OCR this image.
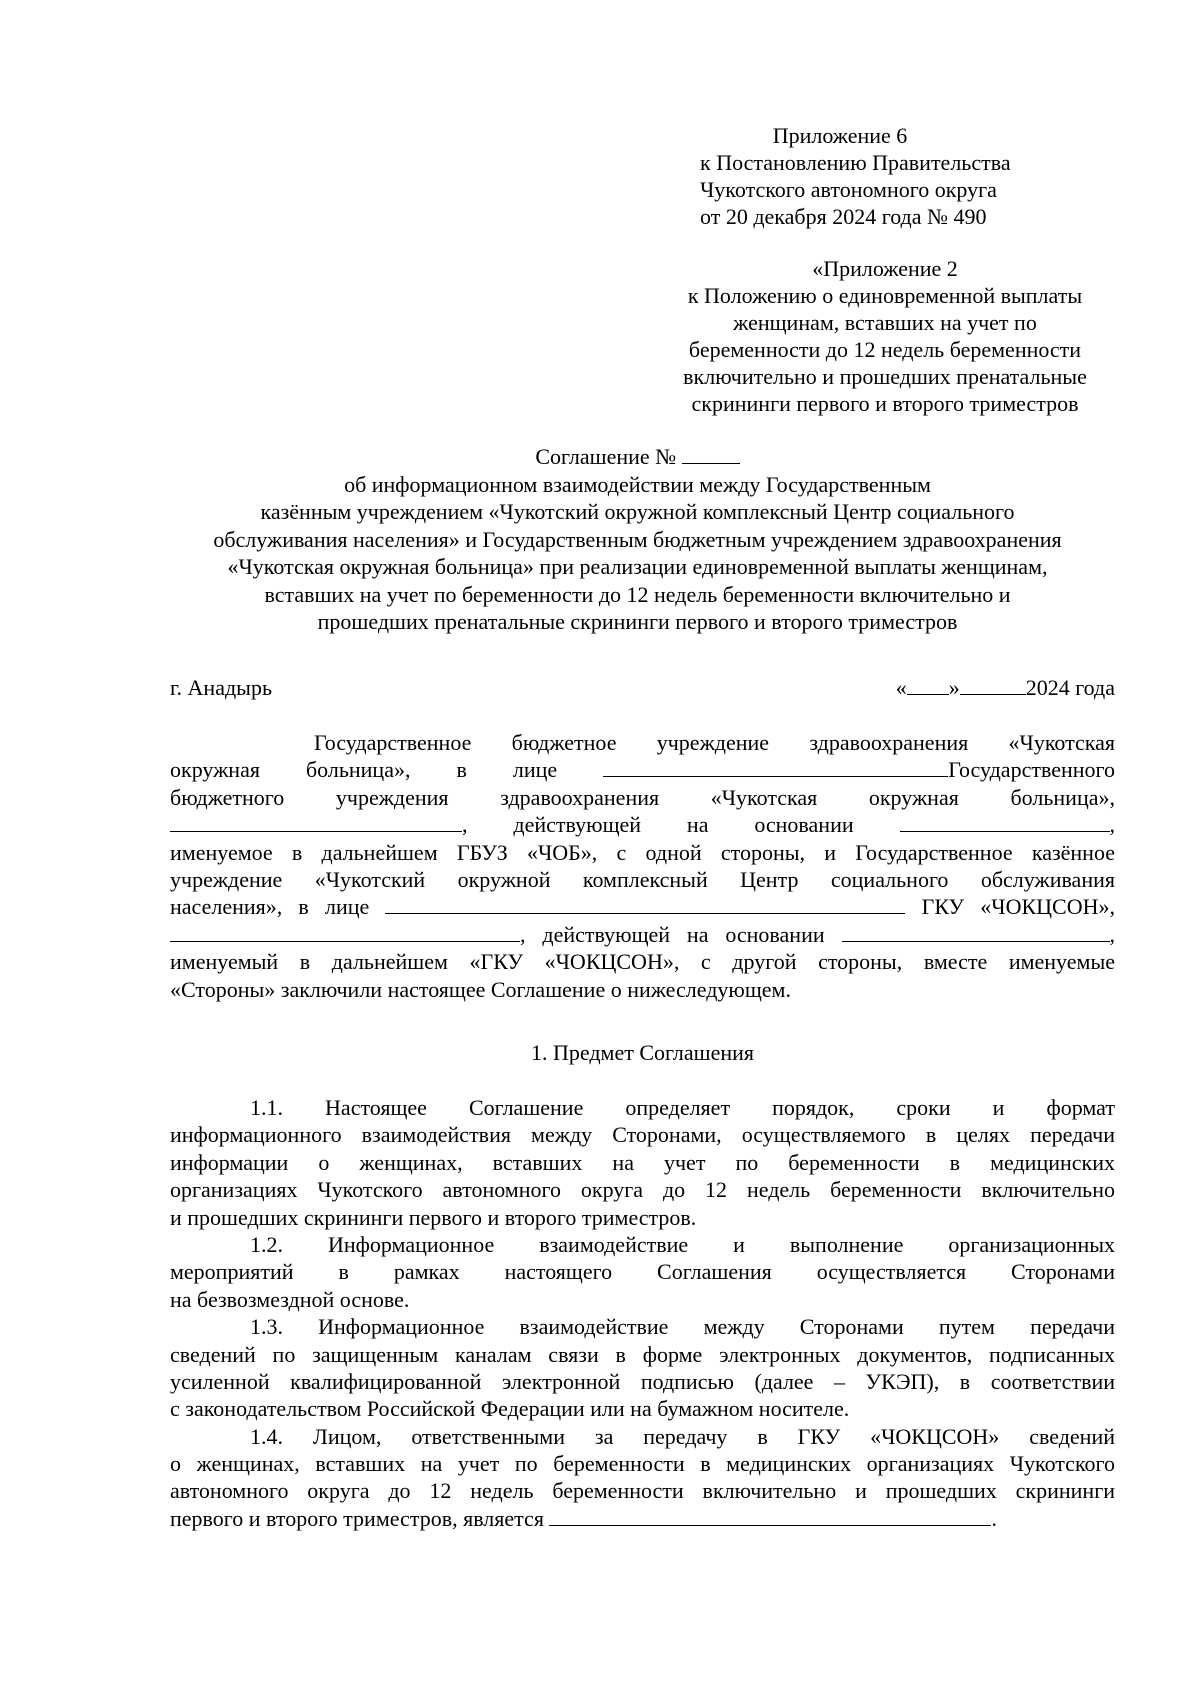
Приложение 6
к Постановлению Правительства
Чукотского автономного округа
от 20 декабря 2024 года № 490
«Приложение 2
к Положению о единовременной выплаты
женщинам, вставших на учет по
беременности до 12 недель беременности
включительно и прошедших пренатальные
скрининги первого и второго триместров
Соглашение №
об информационном взаимодействии между Государственным
казённым учреждением «Чукотский окружной комплексный Центр социального
обслуживания населения» и Государственным бюджетным учреждением здравоохранения
«Чукотская окружная больница» при реализации единовременной выплаты женщинам,
вставших на учет по беременности до 12 недель беременности включительно и
прошедших пренатальные скрининги первого и второго триместров
г. Анадырь	« »	2024 года
Государственное бюджетное учреждение здравоохранения «Чукотская
окружная больница», в лице	Государственного
бюджетного учреждения здравоохранения «Чукотская окружная больница»,
, действующей на основании	,
именуемое в дальнейшем ГБУЗ «ЧОБ», с одной стороны, и Государственное казённое
учреждение «Чукотский окружной комплексный Центр социального обслуживания
населения», в лице	ГКУ «ЧОКЦСОН»,
, действующей на основании	,
именуемый в дальнейшем «ГКУ «ЧОКЦСОН», с другой стороны, вместе именуемые
«Стороны» заключили настоящее Соглашение о нижеследующем.
1. Предмет Соглашения
1.1. Настоящее Соглашение определяет порядок, сроки и формат
информационного взаимодействия между Сторонами, осуществляемого в целях передачи
информации о женщинах, вставших на учет по беременности в медицинских
организациях Чукотского автономного округа до 12 недель беременности включительно
и прошедших скрининги первого и второго триместров.
1.2. Информационное взаимодействие и выполнение организационных
мероприятий в рамках настоящего Соглашения осуществляется Сторонами
на безвозмездной основе.
1.3. Информационное взаимодействие между Сторонами путем передачи
сведений по защищенным каналам связи в форме электронных документов, подписанных
усиленной квалифицированной электронной подписью (далее – УКЭП), в соответствии
с законодательством Российской Федерации или на бумажном носителе.
1.4. Лицом, ответственными за передачу в ГКУ «ЧОКЦСОН» сведений
о женщинах, вставших на учет по беременности в медицинских организациях Чукотского
автономного округа до 12 недель беременности включительно и прошедших скрининги
первого и второго триместров, является	.
